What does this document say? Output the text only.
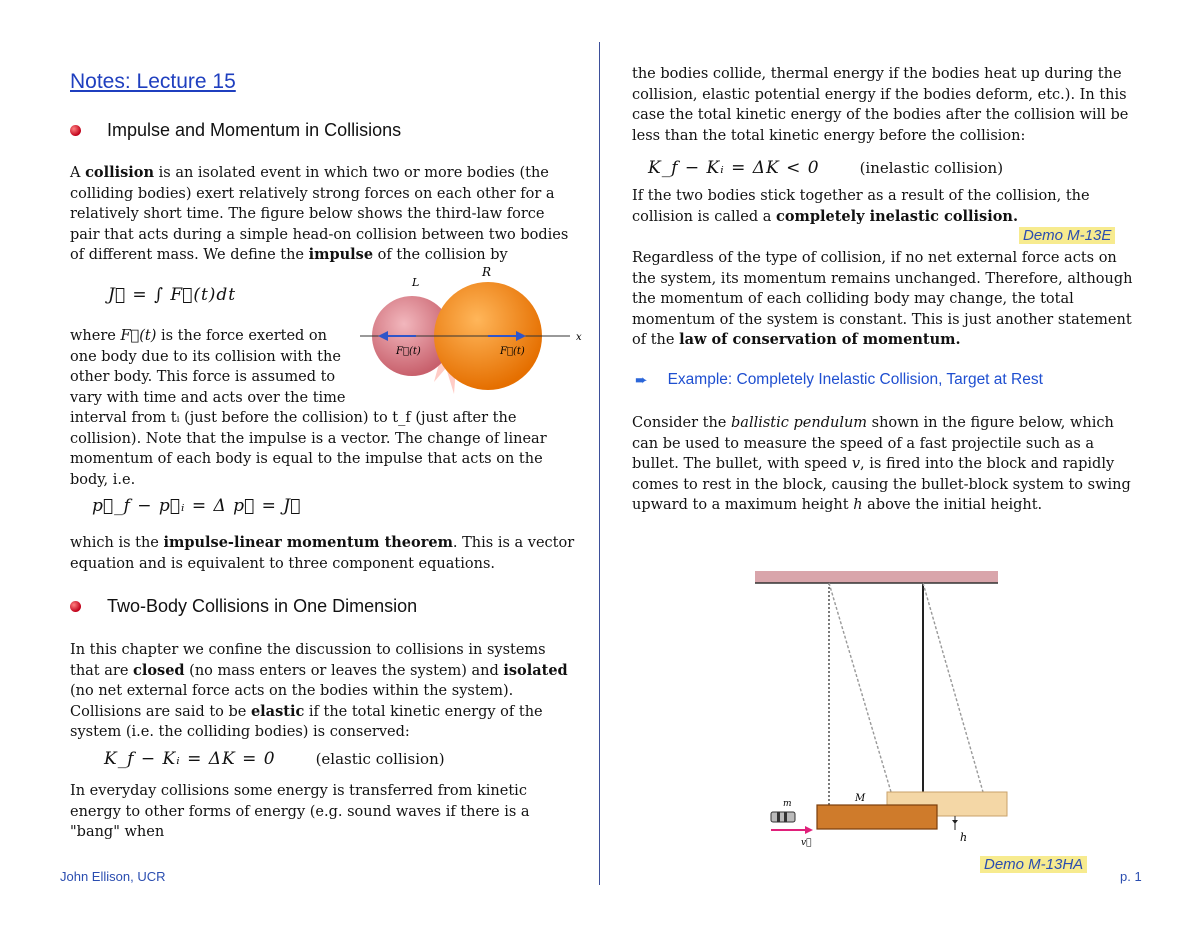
Notes: Lecture 15
Impulse and Momentum in Collisions
A collision is an isolated event in which two or more bodies (the colliding bodies) exert relatively strong forces on each other for a relatively short time. The figure below shows the third-law force pair that acts during a simple head-on collision between two bodies of different mass. We define the impulse of the collision by
J⃗ = ∫ F⃗(t)dt
where F⃗(t) is the force exerted on one body due to its collision with the other body. This force is assumed to vary with time and acts over the time
x
L
R
F⃗(t)	F⃗(t)
interval from tᵢ (just before the collision) to t_f (just after the collision). Note that the impulse is a vector. The change of linear momentum of each body is equal to the impulse that acts on the body, i.e.
p⃗_f − p⃗ᵢ = Δ p⃗ = J⃗
which is the impulse-linear momentum theorem. This is a vector equation and is equivalent to three component equations.
Two-Body Collisions in One Dimension
In this chapter we confine the discussion to collisions in systems that are closed (no mass enters or leaves the system) and isolated (no net external force acts on the bodies within the system). Collisions are said to be elastic if the total kinetic energy of the system (i.e. the colliding bodies) is conserved:
K_f − Kᵢ = ΔK = 0	(elastic collision)
In everyday collisions some energy is transferred from kinetic energy to other forms of energy (e.g. sound waves if there is a "bang" when
the bodies collide, thermal energy if the bodies heat up during the collision, elastic potential energy if the bodies deform, etc.). In this case the total kinetic energy of the bodies after the collision will be less than the total kinetic energy before the collision:
K_f − Kᵢ = ΔK < 0	(inelastic collision)
If the two bodies stick together as a result of the collision, the collision is called a completely inelastic collision.
Demo M-13E
Regardless of the type of collision, if no net external force acts on the system, its momentum remains unchanged. Therefore, although the momentum of each colliding body may change, the total momentum of the system is constant. This is just another statement of the law of conservation of momentum.
➨ Example: Completely Inelastic Collision, Target at Rest
Consider the ballistic pendulum shown in the figure below, which can be used to measure the speed of a fast projectile such as a bullet. The bullet, with speed v, is fired into the block and rapidly comes to rest in the block, causing the bullet-block system to swing upward to a maximum height h above the initial height.
M
h
m
v⃗
Demo M-13HA
John Ellison, UCR	p. 1
